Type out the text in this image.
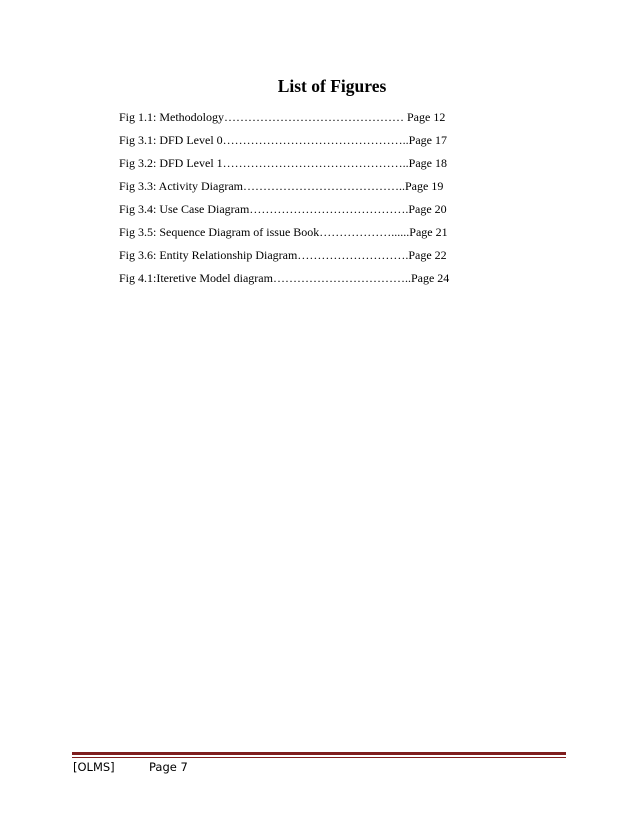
List of Figures
Fig 1.1: Methodology……………………………………… Page 12
Fig 3.1: DFD Level 0………………………………………..Page 17
Fig 3.2: DFD Level 1………………………………………..Page 18
Fig 3.3: Activity Diagram…………………………………..Page 19
Fig 3.4: Use Case Diagram………………………………….Page 20
Fig 3.5: Sequence Diagram of issue Book………………......Page 21
Fig 3.6: Entity Relationship Diagram……………………….Page 22
Fig 4.1:Iteretive Model diagram……………………………..Page 24
[OLMS]	Page 7
